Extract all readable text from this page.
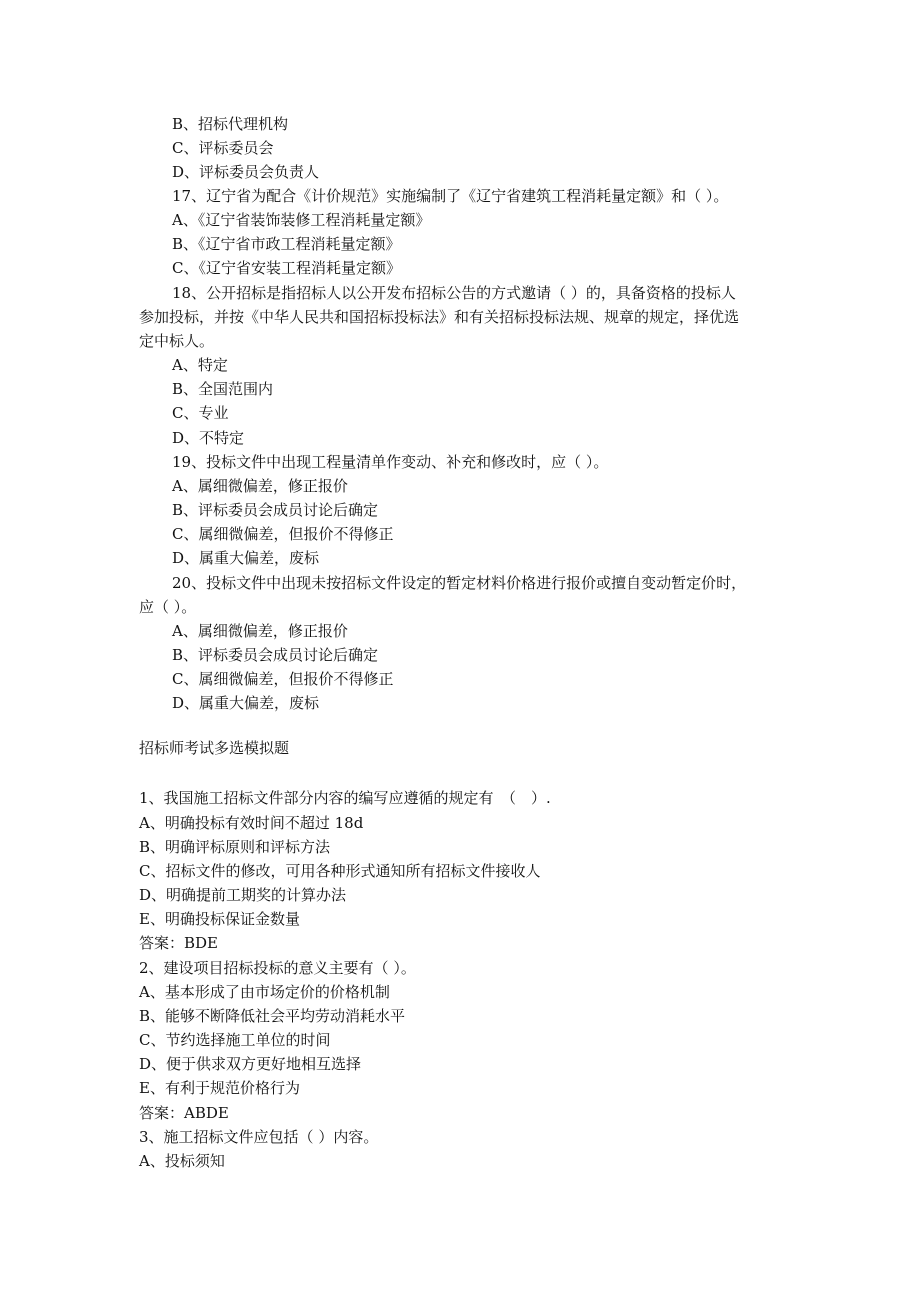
B、招标代理机构
C、评标委员会
D、评标委员会负责人
17、辽宁省为配合《计价规范》实施编制了《辽宁省建筑工程消耗量定额》和（ ）。
A、《辽宁省装饰装修工程消耗量定额》
B、《辽宁省市政工程消耗量定额》
C、《辽宁省安装工程消耗量定额》
18、公开招标是指招标人以公开发布招标公告的方式邀请（ ）的，具备资格的投标人
参加投标，并按《中华人民共和国招标投标法》和有关招标投标法规、规章的规定，择优选
定中标人。
A、特定
B、全国范围内
C、专业
D、不特定
19、投标文件中出现工程量清单作变动、补充和修改时，应（ ）。
A、属细微偏差，修正报价
B、评标委员会成员讨论后确定
C、属细微偏差，但报价不得修正
D、属重大偏差，废标
20、投标文件中出现未按招标文件设定的暂定材料价格进行报价或擅自变动暂定价时，
应（ ）。
A、属细微偏差，修正报价
B、评标委员会成员讨论后确定
C、属细微偏差，但报价不得修正
D、属重大偏差，废标
招标师考试多选模拟题
1、我国施工招标文件部分内容的编写应遵循的规定有　（　）.
A、明确投标有效时间不超过 18d
B、明确评标原则和评标方法
C、招标文件的修改，可用各种形式通知所有招标文件接收人
D、明确提前工期奖的计算办法
E、明确投标保证金数量
答案：BDE
2、建设项目招标投标的意义主要有（ ）。
A、基本形成了由市场定价的价格机制
B、能够不断降低社会平均劳动消耗水平
C、节约选择施工单位的时间
D、便于供求双方更好地相互选择
E、有利于规范价格行为
答案：ABDE
3、施工招标文件应包括（ ）内容。
A、投标须知
